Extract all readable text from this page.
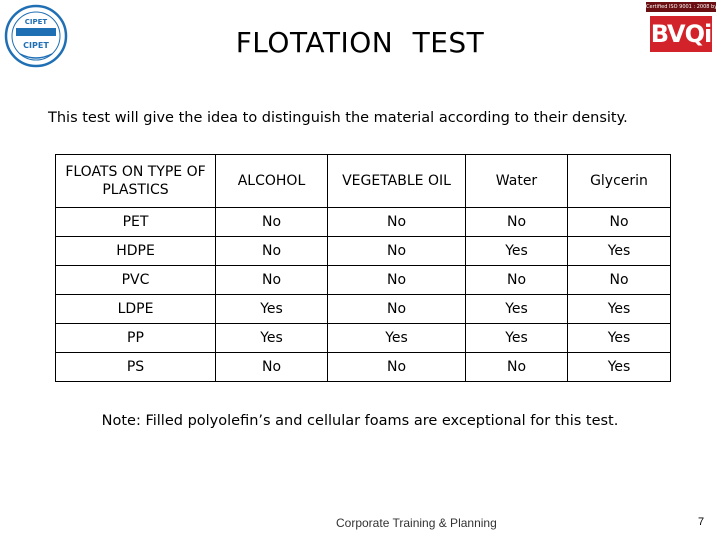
CIPET
CIPET
Certified ISO 9001 : 2008 by
BVQi
FLOTATION TEST
This test will give the idea to distinguish the material according to their density.
FLOATS ON TYPE OF PLASTICS	ALCOHOL	VEGETABLE OIL	Water	Glycerin
PET	No	No	No	No
HDPE	No	No	Yes	Yes
PVC	No	No	No	No
LDPE	Yes	No	Yes	Yes
PP	Yes	Yes	Yes	Yes
PS	No	No	No	Yes
Note: Filled polyolefin’s and cellular foams are exceptional for this test.
Corporate Training & Planning	7
